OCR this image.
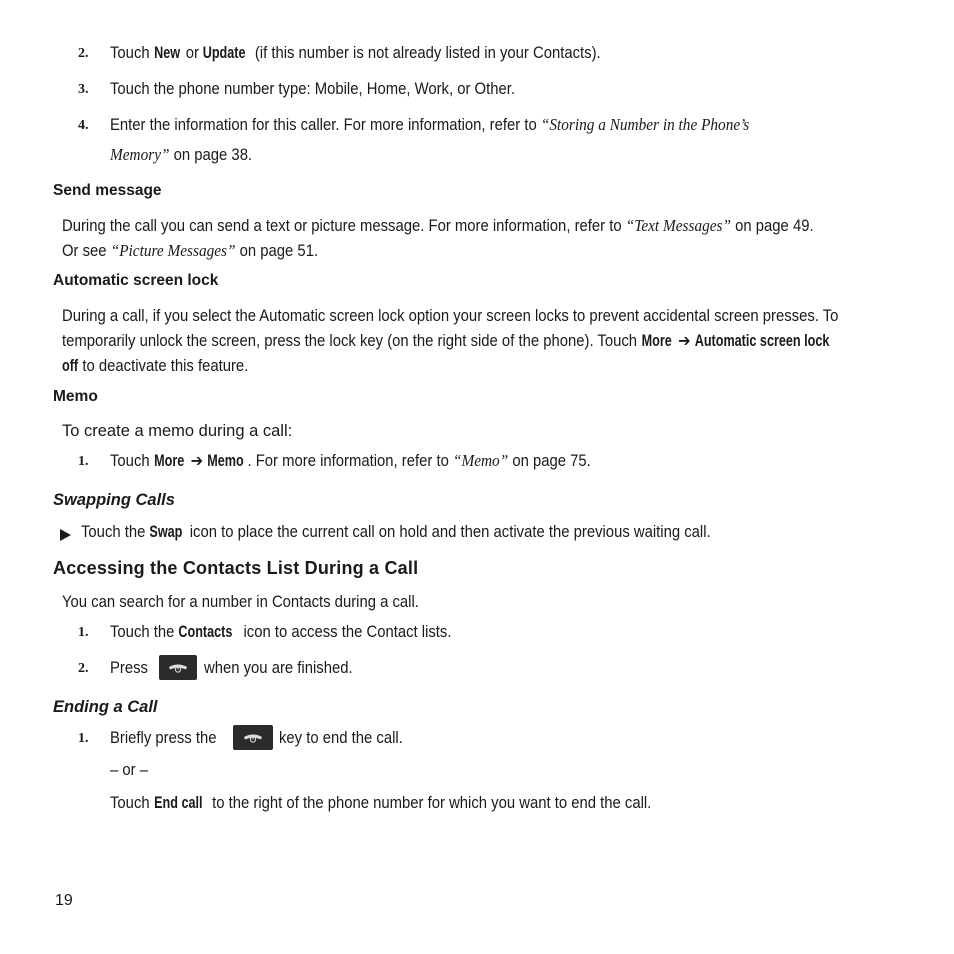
2. Touch New or Update (if this number is not already listed in your Contacts).
3. Touch the phone number type: Mobile, Home, Work, or Other.
4. Enter the information for this caller. For more information, refer to “Storing a Number in the Phone’s
Memory” on page 38.
Send message
During the call you can send a text or picture message. For more information, refer to “Text Messages” on page 49.
Or see “Picture Messages” on page 51.
Automatic screen lock
During a call, if you select the Automatic screen lock option your screen locks to prevent accidental screen presses. To
temporarily unlock the screen, press the lock key (on the right side of the phone). Touch More ➔ Automatic screen lock
off to deactivate this feature.
Memo
To create a memo during a call:
1. Touch More ➔ Memo . For more information, refer to “Memo” on page 75.
Swapping Calls
Touch the Swap icon to place the current call on hold and then activate the previous waiting call.
Accessing the Contacts List During a Call
You can search for a number in Contacts during a call.
1. Touch the Contacts icon to access the Contact lists.
2. Press	when you are finished.
Ending a Call
1. Briefly press the	key to end the call.
– or –
Touch End call to the right of the phone number for which you want to end the call.
19
